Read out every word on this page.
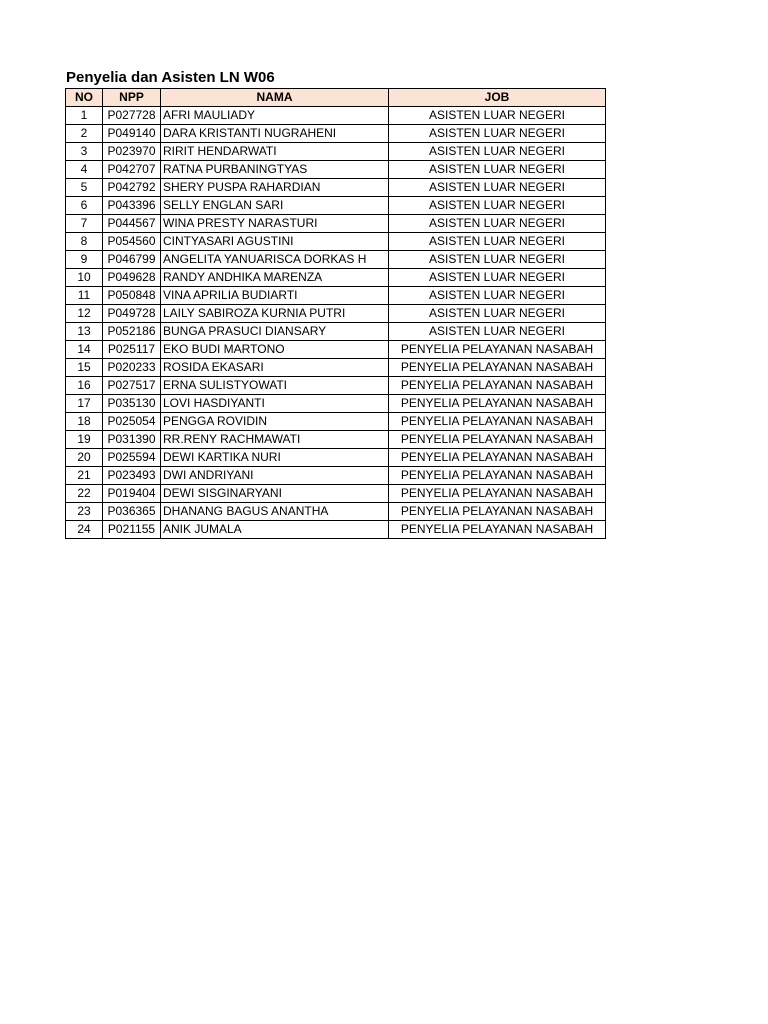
Penyelia dan Asisten LN W06
NO	NPP	NAMA	JOB
1	P027728	AFRI MAULIADY	ASISTEN LUAR NEGERI
2	P049140	DARA KRISTANTI NUGRAHENI	ASISTEN LUAR NEGERI
3	P023970	RIRIT HENDARWATI	ASISTEN LUAR NEGERI
4	P042707	RATNA PURBANINGTYAS	ASISTEN LUAR NEGERI
5	P042792	SHERY PUSPA RAHARDIAN	ASISTEN LUAR NEGERI
6	P043396	SELLY ENGLAN SARI	ASISTEN LUAR NEGERI
7	P044567	WINA PRESTY NARASTURI	ASISTEN LUAR NEGERI
8	P054560	CINTYASARI AGUSTINI	ASISTEN LUAR NEGERI
9	P046799	ANGELITA YANUARISCA DORKAS H	ASISTEN LUAR NEGERI
10	P049628	RANDY ANDHIKA MARENZA	ASISTEN LUAR NEGERI
11	P050848	VINA APRILIA BUDIARTI	ASISTEN LUAR NEGERI
12	P049728	LAILY SABIROZA KURNIA PUTRI	ASISTEN LUAR NEGERI
13	P052186	BUNGA PRASUCI DIANSARY	ASISTEN LUAR NEGERI
14	P025117	EKO BUDI MARTONO	PENYELIA PELAYANAN NASABAH
15	P020233	ROSIDA EKASARI	PENYELIA PELAYANAN NASABAH
16	P027517	ERNA SULISTYOWATI	PENYELIA PELAYANAN NASABAH
17	P035130	LOVI HASDIYANTI	PENYELIA PELAYANAN NASABAH
18	P025054	PENGGA ROVIDIN	PENYELIA PELAYANAN NASABAH
19	P031390	RR.RENY RACHMAWATI	PENYELIA PELAYANAN NASABAH
20	P025594	DEWI KARTIKA NURI	PENYELIA PELAYANAN NASABAH
21	P023493	DWI ANDRIYANI	PENYELIA PELAYANAN NASABAH
22	P019404	DEWI SISGINARYANI	PENYELIA PELAYANAN NASABAH
23	P036365	DHANANG BAGUS ANANTHA	PENYELIA PELAYANAN NASABAH
24	P021155	ANIK JUMALA	PENYELIA PELAYANAN NASABAH
